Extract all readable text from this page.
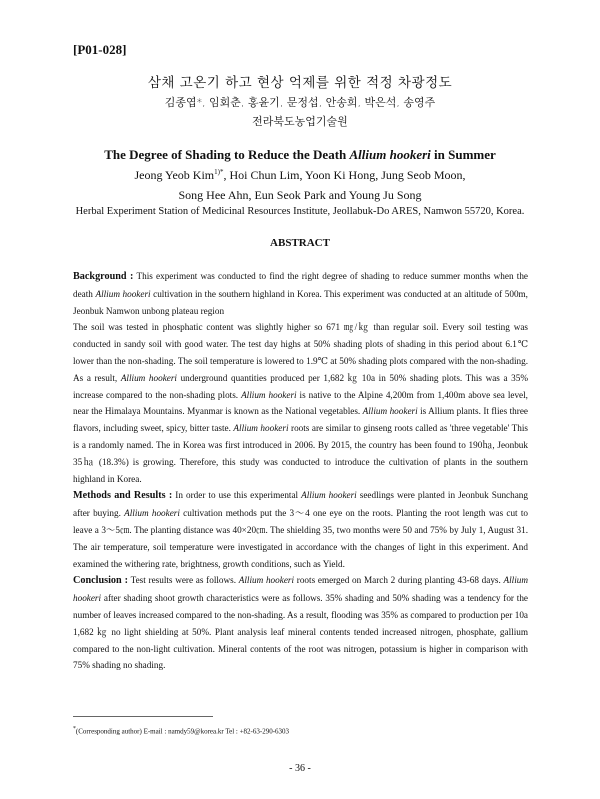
[P01-028]
삼채 고온기 하고 현상 억제를 위한 적정 차광정도
김종엽*, 임회춘, 홍윤기, 문정섭, 안송희, 박은석, 송영주
전라북도농업기술원
The Degree of Shading to Reduce the Death Allium hookeri in Summer
Jeong Yeob Kim$^{1)*}$, Hoi Chun Lim, Yoon Ki Hong, Jung Seob Moon,
Song Hee Ahn, Eun Seok Park and Young Ju Song
Herbal Experiment Station of Medicinal Resources Institute, Jeollabuk-Do ARES, Namwon 55720, Korea.
ABSTRACT

Background : This experiment was conducted to find the right degree of shading to reduce summer months when the death Allium hookeri cultivation in the southern highland in Korea. This experiment was conducted at an altitude of 500m, Jeonbuk Namwon unbong plateau region

The soil was tested in phosphatic content was slightly higher so 671 ㎎/㎏ than regular soil. Every soil testing was conducted in sandy soil with good water. The test day highs at 50% shading plots of shading in this period about 6.1℃ lower than the non-shading. The soil temperature is lowered to 1.9℃ at 50% shading plots compared with the non-shading. As a result, Allium hookeri underground quantities produced per 1,682 ㎏ 10a in 50% shading plots. This was a 35% increase compared to the non-shading plots. Allium hookeri is native to the Alpine 4,200m from 1,400m above sea level, near the Himalaya Mountains. Myanmar is known as the National vegetables. Allium hookeri is Allium plants. It flies three flavors, including sweet, spicy, bitter taste. Allium hookeri roots are similar to ginseng roots called as 'three vegetable' This is a randomly named. The in Korea was first introduced in 2006. By 2015, the country has been found to 190㏊, Jeonbuk 35㏊ (18.3%) is growing. Therefore, this study was conducted to introduce the cultivation of plants in the southern highland in Korea.

Methods and Results : In order to use this experimental Allium hookeri seedlings were planted in Jeonbuk Sunchang after buying. Allium hookeri cultivation methods put the 3～4 one eye on the roots. Planting the root length was cut to leave a 3～5㎝. The planting distance was 40×20㎝. The shielding 35, two months were 50 and 75% by July 1, August 31. The air temperature, soil temperature were investigated in accordance with the changes of light in this experiment. And examined the withering rate, brightness, growth conditions, such as Yield.

Conclusion : Test results were as follows. Allium hookeri roots emerged on March 2 during planting 43-68 days. Allium hookeri after shading shoot growth characteristics were as follows. 35% shading and 50% shading was a tendency for the number of leaves increased compared to the non-shading. As a result, flooding was 35% as compared to production per 10a 1,682 ㎏ no light shielding at 50%. Plant analysis leaf mineral contents tended increased nitrogen, phosphate, gallium compared to the non-light cultivation. Mineral contents of the root was nitrogen, potassium is higher in comparison with 75% shading no shading.

*(Corresponding author) E-mail : namdy59@korea.kr Tel : +82-63-290-6303
- 36 -
